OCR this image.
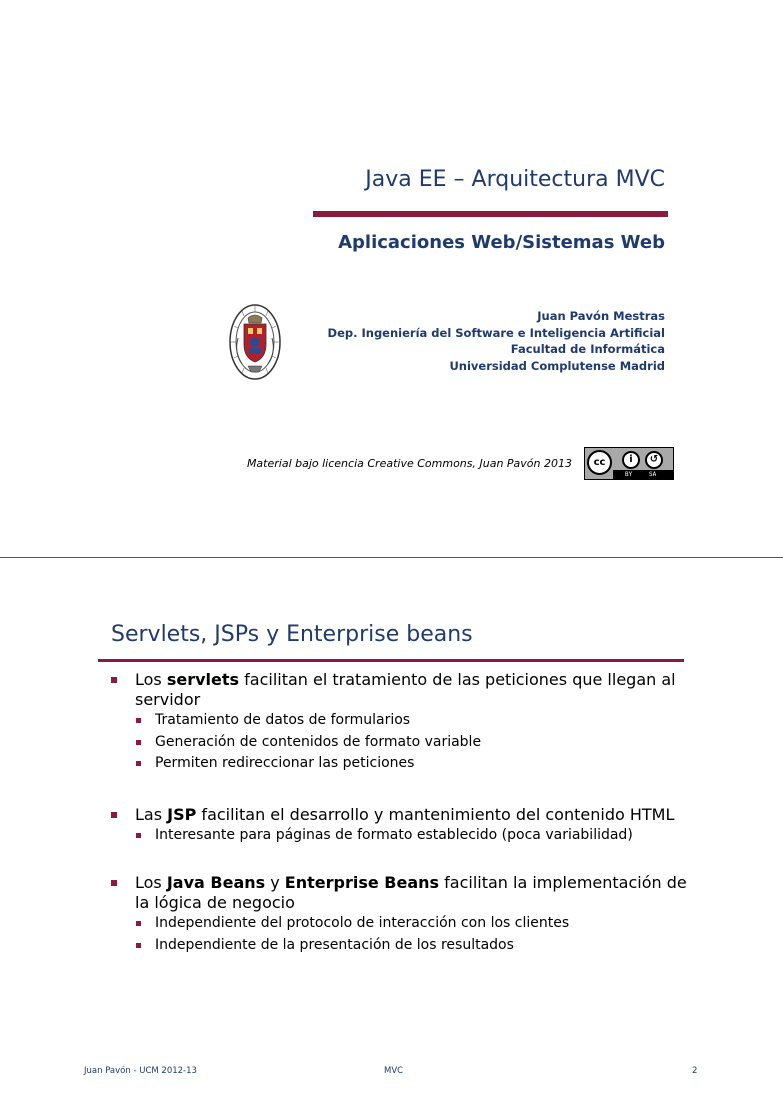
Java EE – Arquitectura MVC
Aplicaciones Web/Sistemas Web
Juan Pavón Mestras
Dep. Ingeniería del Software e Inteligencia Artificial
Facultad de Informática
Universidad Complutense Madrid
Material bajo licencia Creative Commons, Juan Pavón 2013	cc	i	↺
BY	SA
Servlets, JSPs y Enterprise beans
Los servlets facilitan el tratamiento de las peticiones que llegan al servidor
Tratamiento de datos de formularios
Generación de contenidos de formato variable
Permiten redireccionar las peticiones
Las JSP facilitan el desarrollo y mantenimiento del contenido HTML
Interesante para páginas de formato establecido (poca variabilidad)
Los Java Beans y Enterprise Beans facilitan la implementación de la lógica de negocio
Independiente del protocolo de interacción con los clientes
Independiente de la presentación de los resultados
Juan Pavón - UCM 2012-13	MVC	2
